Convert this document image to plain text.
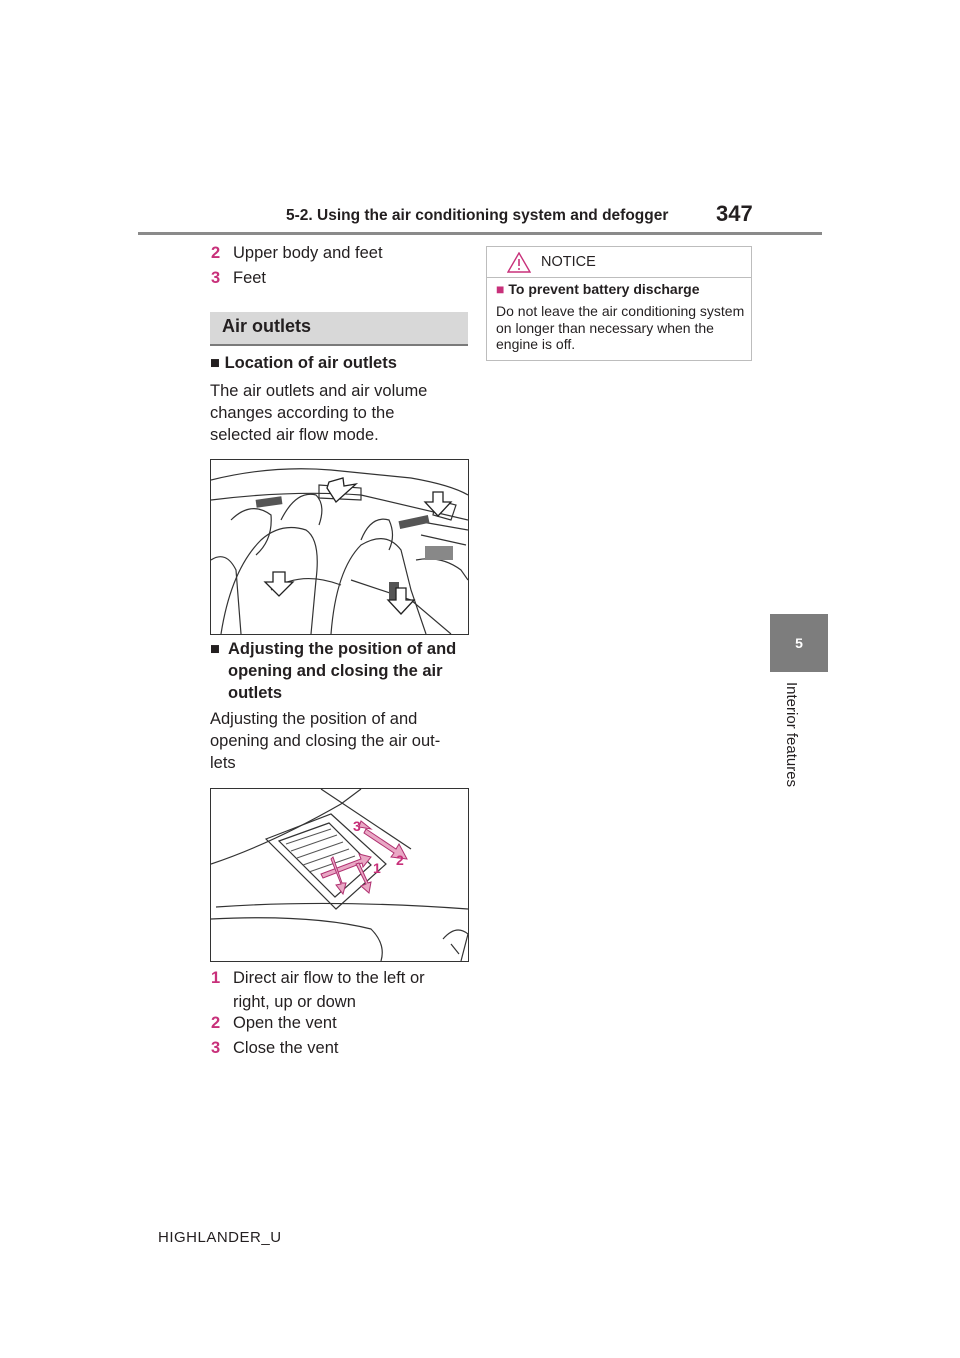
5-2. Using the air conditioning system and defogger 347
5
Interior features
2 Upper body and feet
3 Feet
Air outlets
■ Location of air outlets
The air outlets and air volume changes according to the selected air flow mode.
■ Adjusting the position of and opening and closing the air outlets
Adjusting the position of and opening and closing the air out-lets
3
2
1
1 Direct air flow to the left or right, up or down
2 Open the vent
3 Close the vent
NOTICE
■ To prevent battery discharge
Do not leave the air conditioning system on longer than necessary when the engine is off.
HIGHLANDER_U
